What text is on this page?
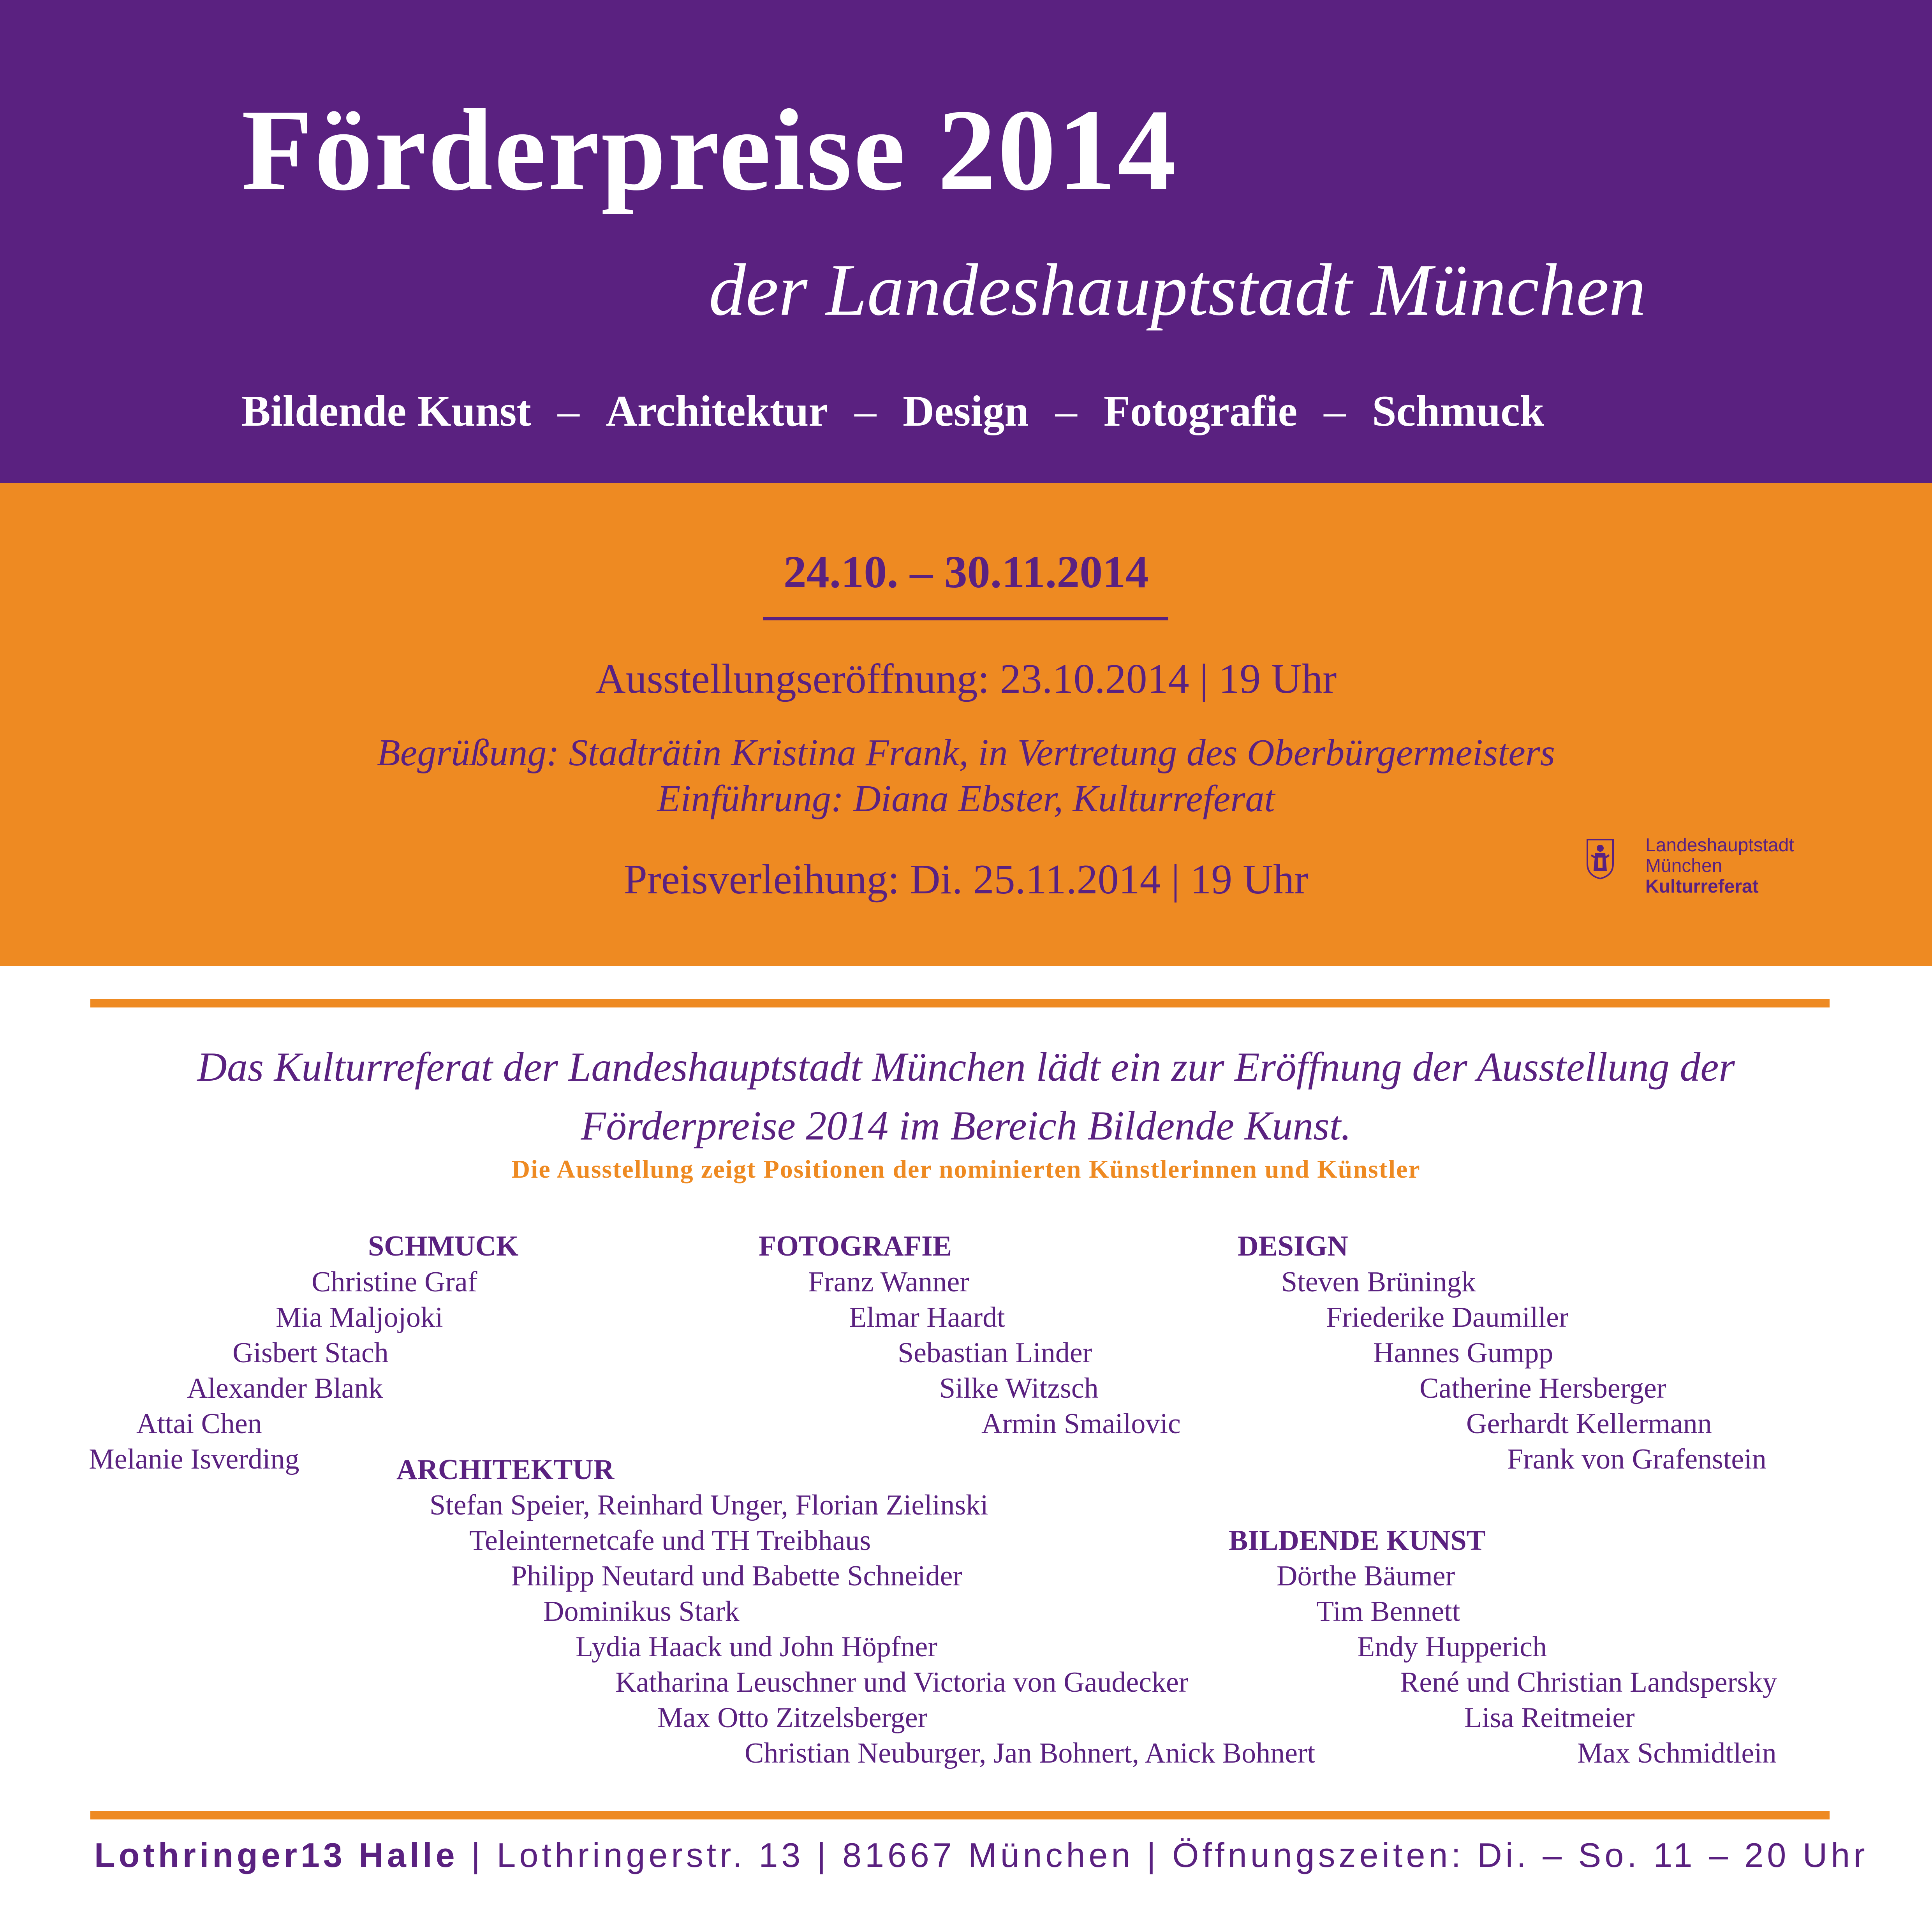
Förderpreise 2014
der Landeshauptstadt München
Bildende Kunst – Architektur – Design – Fotografie – Schmuck
24.10. – 30.11.2014
Ausstellungseröffnung: 23.10.2014 | 19 Uhr
Begrüßung: Stadträtin Kristina Frank, in Vertretung des Oberbürgermeisters
Einführung: Diana Ebster, Kulturreferat
Preisverleihung: Di. 25.11.2014 | 19 Uhr
Landeshauptstadt
München
Kulturreferat
Das Kulturreferat der Landeshauptstadt München lädt ein zur Eröffnung der Ausstellung der
Förderpreise 2014 im Bereich Bildende Kunst.
Die Ausstellung zeigt Positionen der nominierten Künstlerinnen und Künstler
SCHMUCK
Christine Graf
Mia Maljojoki
Gisbert Stach
Alexander Blank
Attai Chen
Melanie Isverding
FOTOGRAFIE
Franz Wanner
Elmar Haardt
Sebastian Linder
Silke Witzsch
Armin Smailovic
DESIGN
Steven Brüningk
Friederike Daumiller
Hannes Gumpp
Catherine Hersberger
Gerhardt Kellermann
Frank von Grafenstein
ARCHITEKTUR
Stefan Speier, Reinhard Unger, Florian Zielinski
Teleinternetcafe und TH Treibhaus
Philipp Neutard und Babette Schneider
Dominikus Stark
Lydia Haack und John Höpfner
Katharina Leuschner und Victoria von Gaudecker
Max Otto Zitzelsberger
Christian Neuburger, Jan Bohnert, Anick Bohnert
BILDENDE KUNST
Dörthe Bäumer
Tim Bennett
Endy Hupperich
René und Christian Landspersky
Lisa Reitmeier
Max Schmidtlein
Lothringer13 Halle | Lothringerstr. 13 | 81667 München | Öffnungszeiten: Di. – So. 11 – 20 Uhr
